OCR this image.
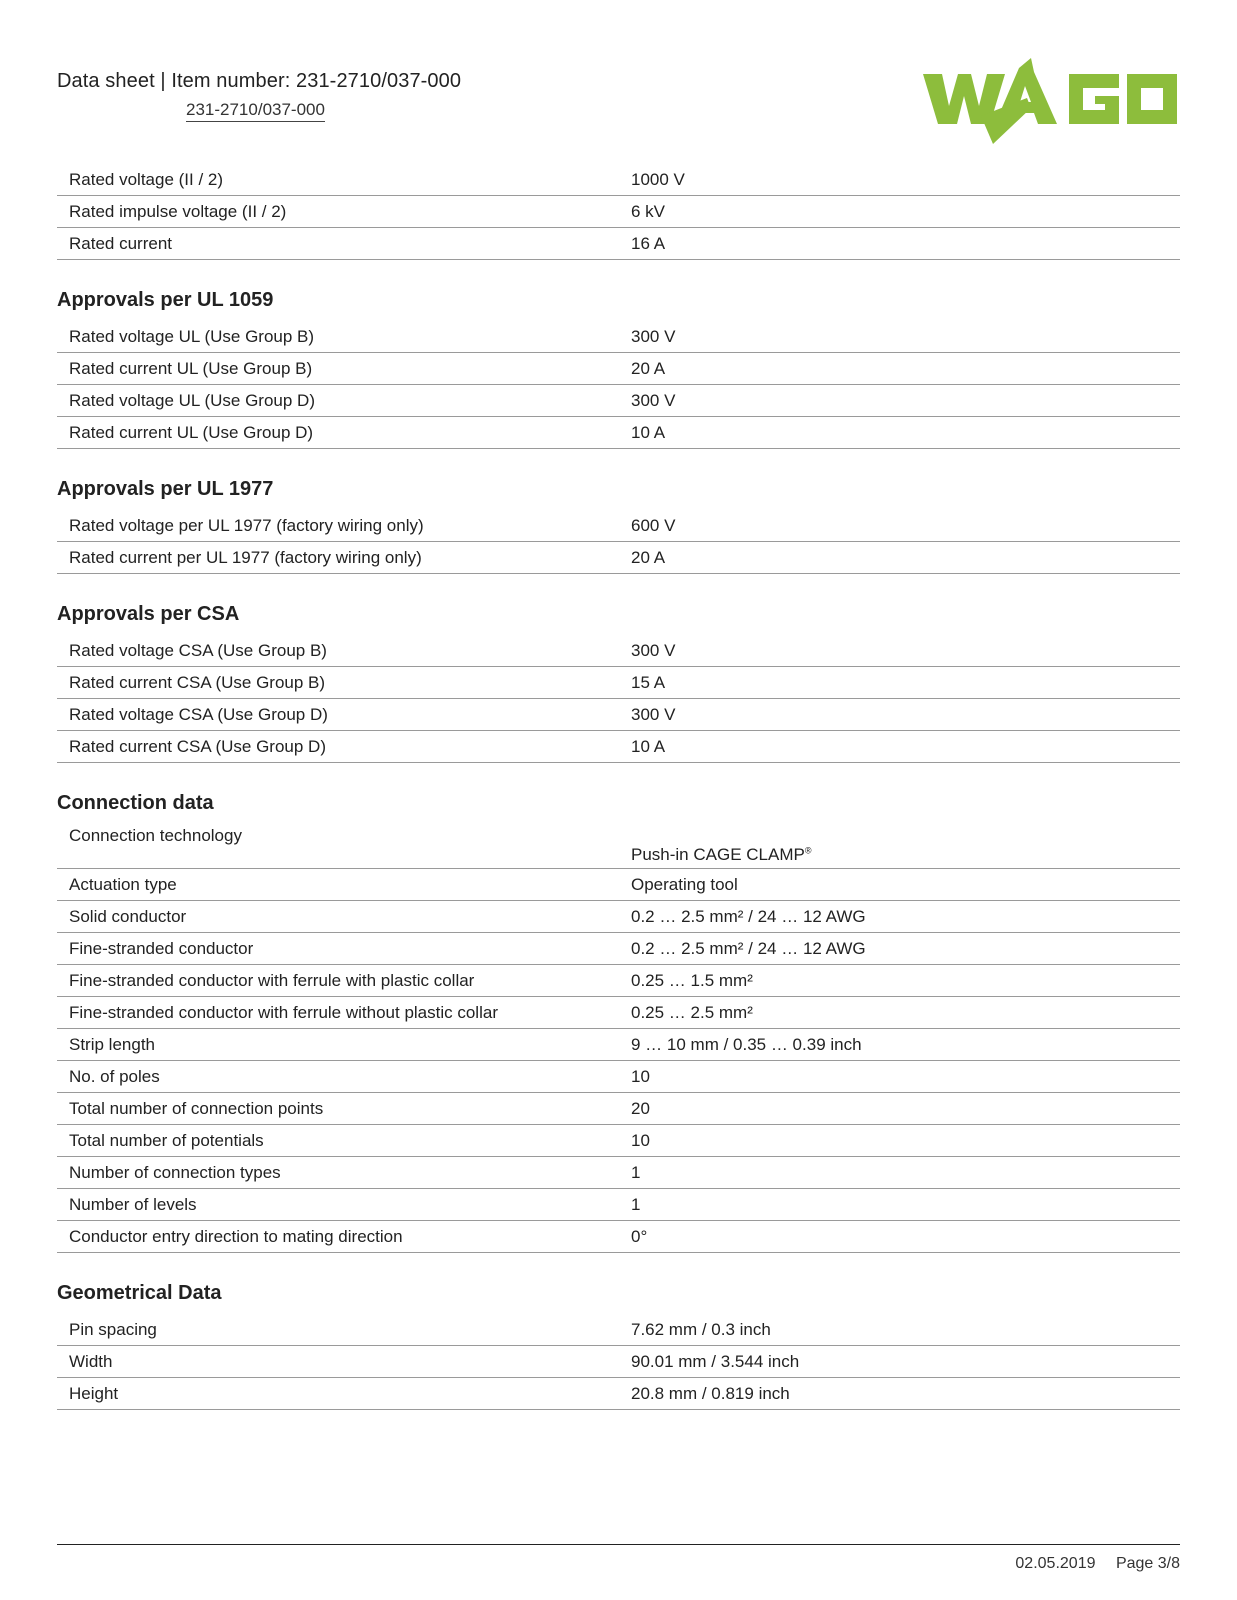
Data sheet | Item number: 231-2710/037-000
231-2710/037-000
Rated voltage (II / 2)	1000 V
Rated impulse voltage (II / 2)	6 kV
Rated current	16 A
Approvals per UL 1059
Rated voltage UL (Use Group B)	300 V
Rated current UL (Use Group B)	20 A
Rated voltage UL (Use Group D)	300 V
Rated current UL (Use Group D)	10 A
Approvals per UL 1977
Rated voltage per UL 1977 (factory wiring only)	600 V
Rated current per UL 1977 (factory wiring only)	20 A
Approvals per CSA
Rated voltage CSA (Use Group B)	300 V
Rated current CSA (Use Group B)	15 A
Rated voltage CSA (Use Group D)	300 V
Rated current CSA (Use Group D)	10 A
Connection data
Connection technology	Push-in CAGE CLAMP®
Actuation type	Operating tool
Solid conductor	0.2 … 2.5 mm² / 24 … 12 AWG
Fine-stranded conductor	0.2 … 2.5 mm² / 24 … 12 AWG
Fine-stranded conductor with ferrule with plastic collar	0.25 … 1.5 mm²
Fine-stranded conductor with ferrule without plastic collar	0.25 … 2.5 mm²
Strip length	9 … 10 mm / 0.35 … 0.39 inch
No. of poles	10
Total number of connection points	20
Total number of potentials	10
Number of connection types	1
Number of levels	1
Conductor entry direction to mating direction	0°
Geometrical Data
Pin spacing	7.62 mm / 0.3 inch
Width	90.01 mm / 3.544 inch
Height	20.8 mm / 0.819 inch
02.05.2019 Page 3/8
